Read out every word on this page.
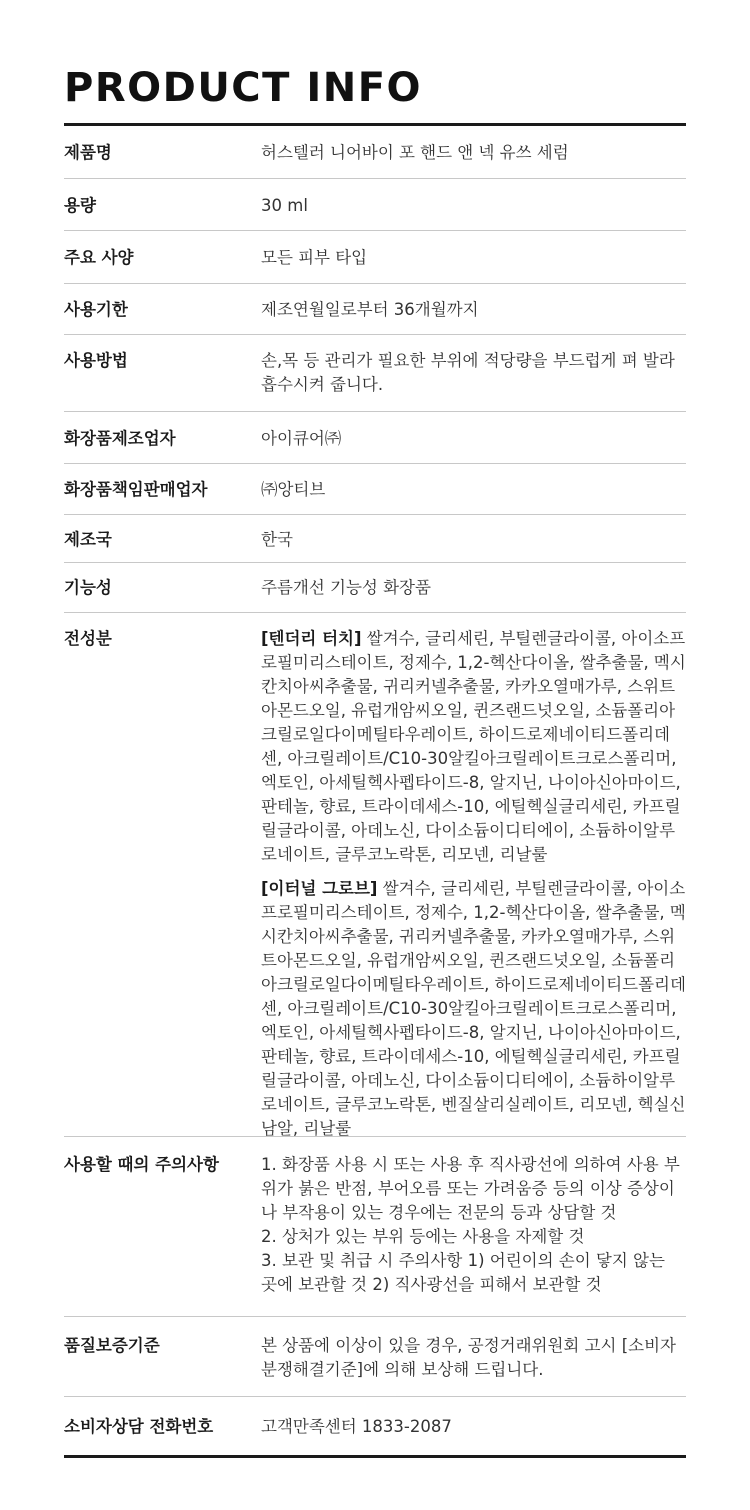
PRODUCT INFO
제품명	허스텔러 니어바이 포 핸드 앤 넥 유쓰 세럼
용량	30 ml
주요 사양	모든 피부 타입
사용기한	제조연월일로부터 36개월까지
사용방법	손,목 등 관리가 필요한 부위에 적당량을 부드럽게 펴 발라 흡수시켜 줍니다.
화장품제조업자	아이큐어㈜
화장품책임판매업자	㈜앙티브
제조국	한국
기능성	주름개선 기능성 화장품
전성분	[텐더리 터치] 쌀겨수, 글리세린, 부틸렌글라이콜, 아이소프로필미리스테이트, 정제수, 1,2-헥산다이올, 쌀추출물, 멕시칸치아씨추출물, 귀리커넬추출물, 카카오열매가루, 스위트아몬드오일, 유럽개암씨오일, 퀸즈랜드넛오일, 소듐폴리아크릴로일다이메틸타우레이트, 하이드로제네이티드폴리데센, 아크릴레이트/C10-30알킬아크릴레이트크로스폴리머, 엑토인, 아세틸헥사펩타이드-8, 알지닌, 나이아신아마이드, 판테놀, 향료, 트라이데세스-10, 에틸헥실글리세린, 카프릴릴글라이콜, 아데노신, 다이소듐이디티에이, 소듐하이알루로네이트, 글루코노락톤, 리모넨, 리날룰

[이터널 그로브] 쌀겨수, 글리세린, 부틸렌글라이콜, 아이소프로필미리스테이트, 정제수, 1,2-헥산다이올, 쌀추출물, 멕시칸치아씨추출물, 귀리커넬추출물, 카카오열매가루, 스위트아몬드오일, 유럽개암씨오일, 퀸즈랜드넛오일, 소듐폴리아크릴로일다이메틸타우레이트, 하이드로제네이티드폴리데센, 아크릴레이트/C10-30알킬아크릴레이트크로스폴리머, 엑토인, 아세틸헥사펩타이드-8, 알지닌, 나이아신아마이드, 판테놀, 향료, 트라이데세스-10, 에틸헥실글리세린, 카프릴릴글라이콜, 아데노신, 다이소듐이디티에이, 소듐하이알루로네이트, 글루코노락톤, 벤질살리실레이트, 리모넨, 헥실신남알, 리날룰

사용할 때의 주의사항	1. 화장품 사용 시 또는 사용 후 직사광선에 의하여 사용 부위가 붉은 반점, 부어오름 또는 가려움증 등의 이상 증상이나 부작용이 있는 경우에는 전문의 등과 상담할 것

2. 상처가 있는 부위 등에는 사용을 자제할 것

3. 보관 및 취급 시 주의사항 1) 어린이의 손이 닿지 않는 곳에 보관할 것 2) 직사광선을 피해서 보관할 것

품질보증기준	본 상품에 이상이 있을 경우, 공정거래위원회 고시 [소비자분쟁해결기준]에 의해 보상해 드립니다.
소비자상담 전화번호	고객만족센터 1833-2087
